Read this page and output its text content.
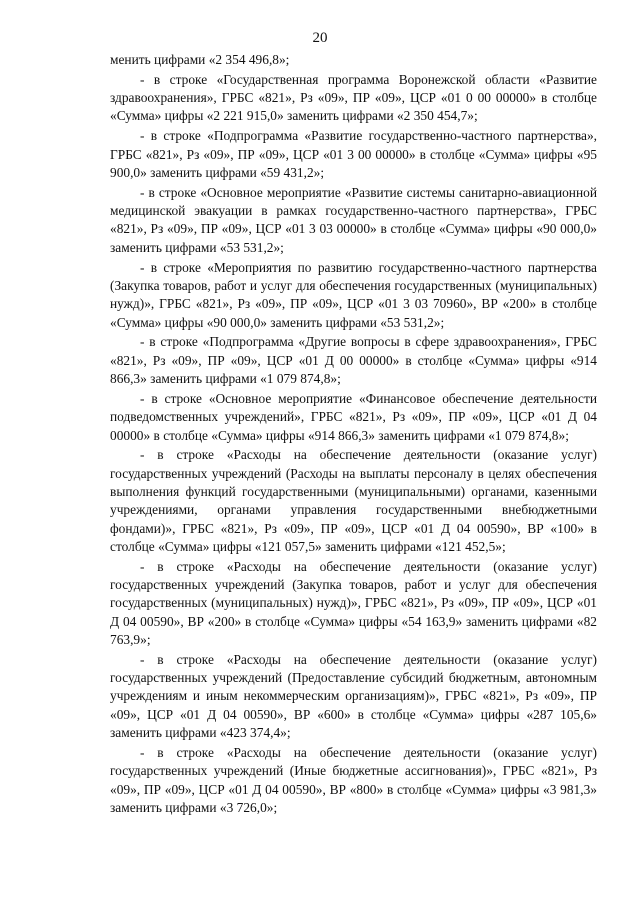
20

менить цифрами «2 354 496,8»;

- в строке «Государственная программа Воронежской области «Развитие здравоохранения», ГРБС «821», Рз «09», ПР «09», ЦСР «01 0 00 00000» в столбце «Сумма» цифры «2 221 915,0» заменить цифрами «2 350 454,7»;

- в строке «Подпрограмма «Развитие государственно-частного партнерства», ГРБС «821», Рз «09», ПР «09», ЦСР «01 3 00 00000» в столбце «Сумма» цифры «95 900,0» заменить цифрами «59 431,2»;

- в строке «Основное мероприятие «Развитие системы санитарно-авиационной медицинской эвакуации в рамках государственно-частного партнерства», ГРБС «821», Рз «09», ПР «09», ЦСР «01 3 03 00000» в столбце «Сумма» цифры «90 000,0» заменить цифрами «53 531,2»;

- в строке «Мероприятия по развитию государственно-частного партнерства (Закупка товаров, работ и услуг для обеспечения государственных (муниципальных) нужд)», ГРБС «821», Рз «09», ПР «09», ЦСР «01 3 03 70960», ВР «200» в столбце «Сумма» цифры «90 000,0» заменить цифрами «53 531,2»;

- в строке «Подпрограмма «Другие вопросы в сфере здравоохранения», ГРБС «821», Рз «09», ПР «09», ЦСР «01 Д 00 00000» в столбце «Сумма» цифры «914 866,3» заменить цифрами «1 079 874,8»;

- в строке «Основное мероприятие «Финансовое обеспечение деятельности подведомственных учреждений», ГРБС «821», Рз «09», ПР «09», ЦСР «01 Д 04 00000» в столбце «Сумма» цифры «914 866,3» заменить цифрами «1 079 874,8»;

- в строке «Расходы на обеспечение деятельности (оказание услуг) государственных учреждений (Расходы на выплаты персоналу в целях обеспечения выполнения функций государственными (муниципальными) органами, казенными учреждениями, органами управления государственными внебюджетными фондами)», ГРБС «821», Рз «09», ПР «09», ЦСР «01 Д 04 00590», ВР «100» в столбце «Сумма» цифры «121 057,5» заменить цифрами «121 452,5»;

- в строке «Расходы на обеспечение деятельности (оказание услуг) государственных учреждений (Закупка товаров, работ и услуг для обеспечения государственных (муниципальных) нужд)», ГРБС «821», Рз «09», ПР «09», ЦСР «01 Д 04 00590», ВР «200» в столбце «Сумма» цифры «54 163,9» заменить цифрами «82 763,9»;

- в строке «Расходы на обеспечение деятельности (оказание услуг) государственных учреждений (Предоставление субсидий бюджетным, автономным учреждениям и иным некоммерческим организациям)», ГРБС «821», Рз «09», ПР «09», ЦСР «01 Д 04 00590», ВР «600» в столбце «Сумма» цифры «287 105,6» заменить цифрами «423 374,4»;

- в строке «Расходы на обеспечение деятельности (оказание услуг) государственных учреждений (Иные бюджетные ассигнования)», ГРБС «821», Рз «09», ПР «09», ЦСР «01 Д 04 00590», ВР «800» в столбце «Сумма» цифры «3 981,3» заменить цифрами «3 726,0»;
